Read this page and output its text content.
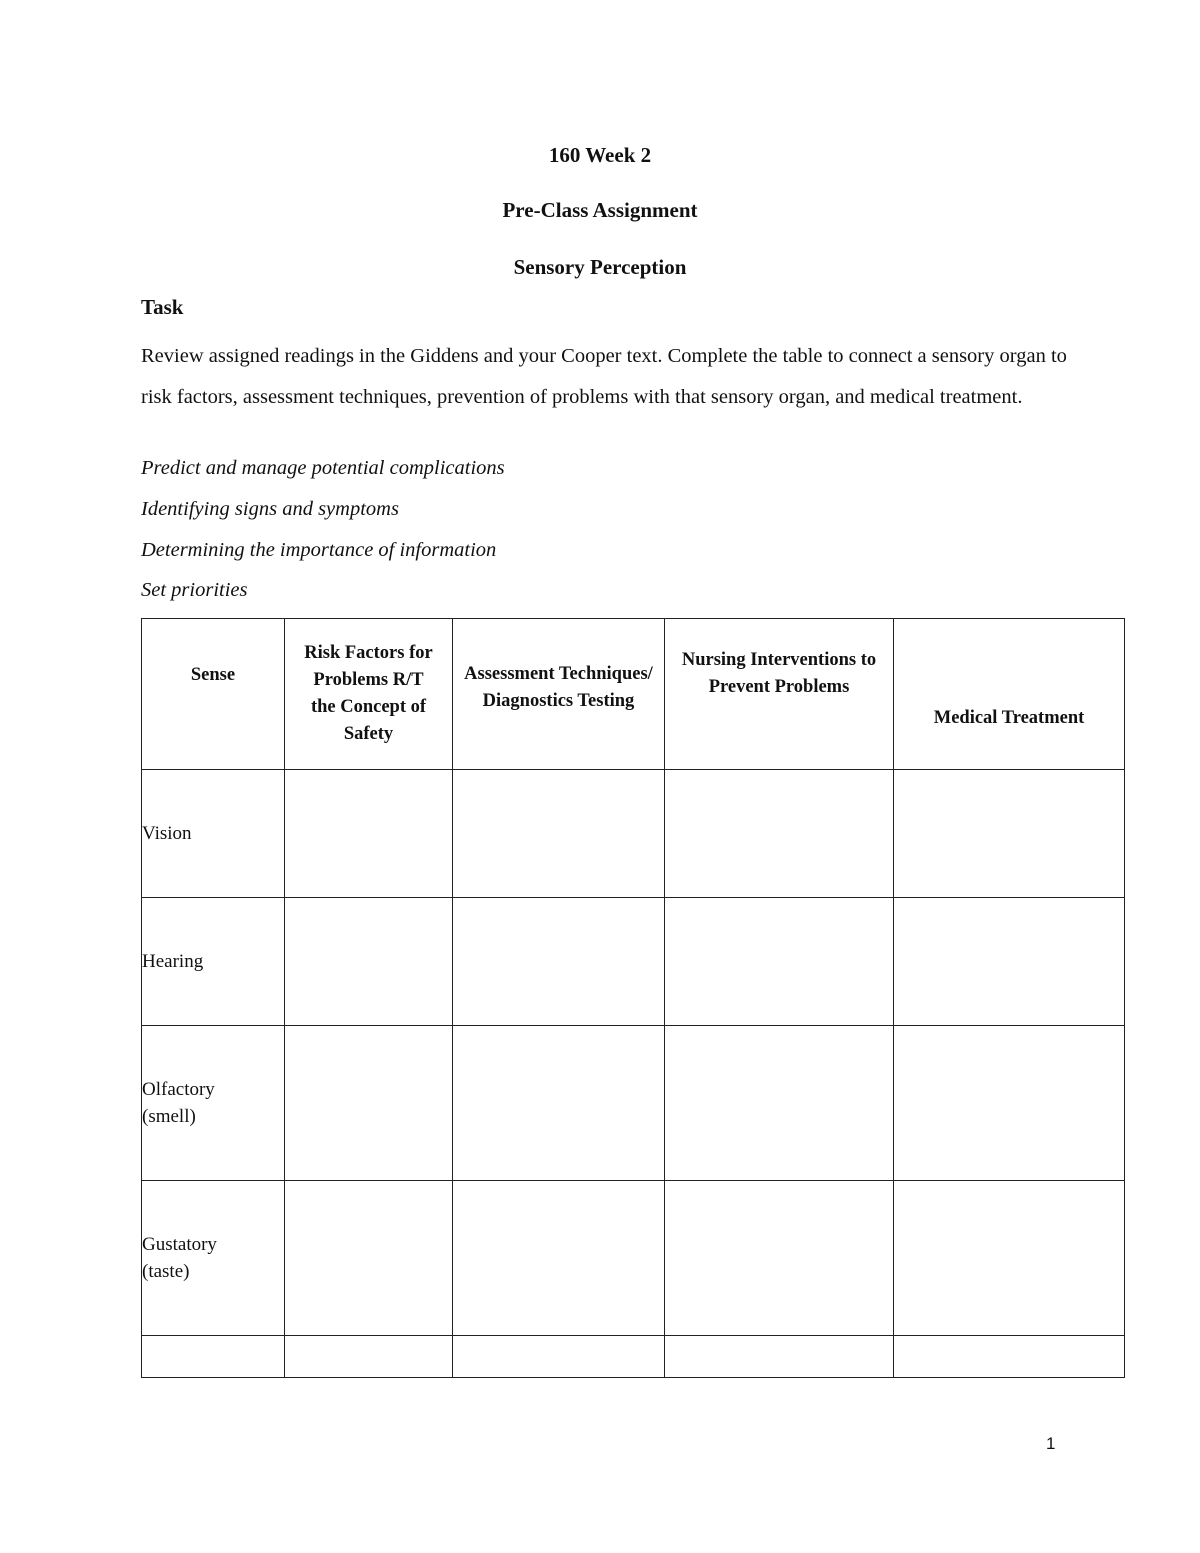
160 Week 2
Pre-Class Assignment
Sensory Perception
Task
Review assigned readings in the Giddens and your Cooper text. Complete the table to connect a sensory organ to risk factors, assessment techniques, prevention of problems with that sensory organ, and medical treatment.
Predict and manage potential complications
Identifying signs and symptoms
Determining the importance of information
Set priorities
Sense	Risk Factors for Problems R/T the Concept of Safety	Assessment Techniques/Diagnostics Testing	Nursing Interventions to Prevent Problems	Medical Treatment
Vision				
Hearing				
Olfactory (smell)				
Gustatory (taste)				

1
